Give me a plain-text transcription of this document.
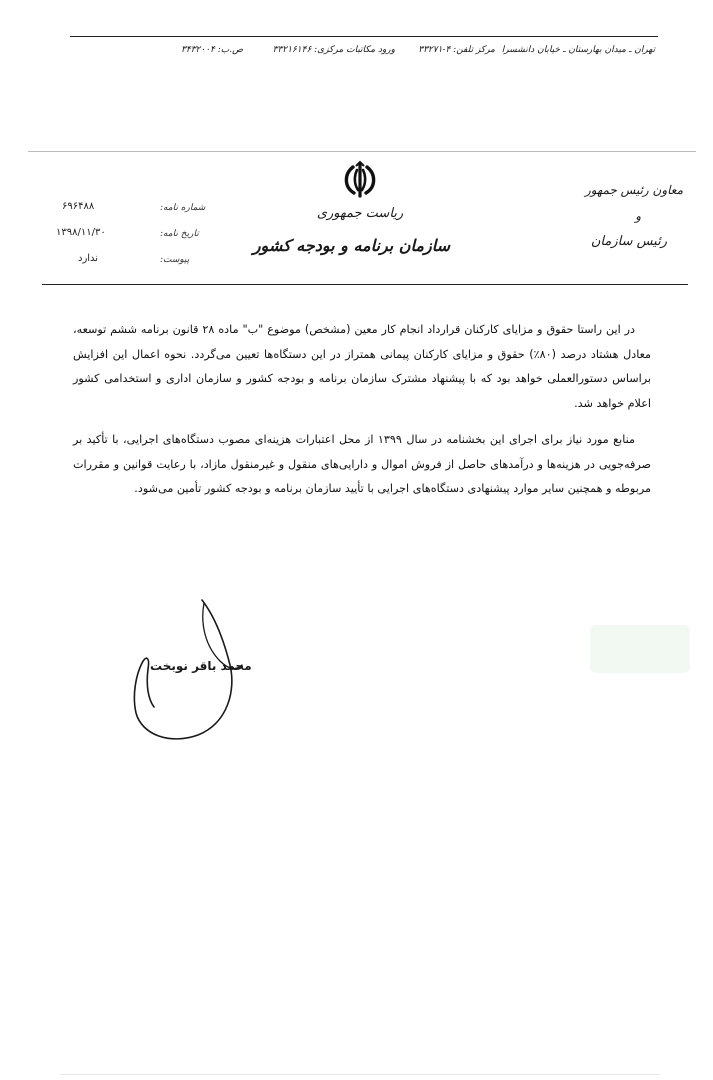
تهران ـ میدان بهارستان ـ خیابان دانشسرا
مرکز تلفن: ۴-۳۳۲۷۱
ورود مکاتبات مرکزی: ۳۳۲۱۶۱۴۶
ص.ب: ۳۴۳۲۰۰۴
ریاست جمهوری
سازمان برنامه و بودجه کشور
معاون رئیس جمهور
و
رئیس سازمان
شماره نامه:
۶۹۶۴۸۸
تاریخ نامه:
۱۳۹۸/۱۱/۳۰
پیوست:
ندارد

در این راستا حقوق و مزایای کارکنان قرارداد انجام کار معین (مشخص) موضوع "ب" ماده ۲۸ قانون برنامه ششم توسعه، معادل هشتاد درصد (۸۰٪) حقوق و مزایای کارکنان پیمانی همتراز در این دستگاه‌ها تعیین می‌گردد. نحوه اعمال این افزایش براساس دستورالعملی خواهد بود که با پیشنهاد مشترک سازمان برنامه و بودجه کشور و سازمان اداری و استخدامی کشور اعلام خواهد شد.

منابع مورد نیاز برای اجرای این بخشنامه در سال ۱۳۹۹ از محل اعتبارات هزینه‌ای مصوب دستگاه‌های اجرایی، با تأکید بر صرفه‌جویی در هزینه‌ها و درآمدهای حاصل از فروش اموال و دارایی‌های منقول و غیرمنقول مازاد، با رعایت قوانین و مقررات مربوطه و همچنین سایر موارد پیشنهادی دستگاه‌های اجرایی با تأیید سازمان برنامه و بودجه کشور تأمین می‌شود.

محمد باقر نوبخت
